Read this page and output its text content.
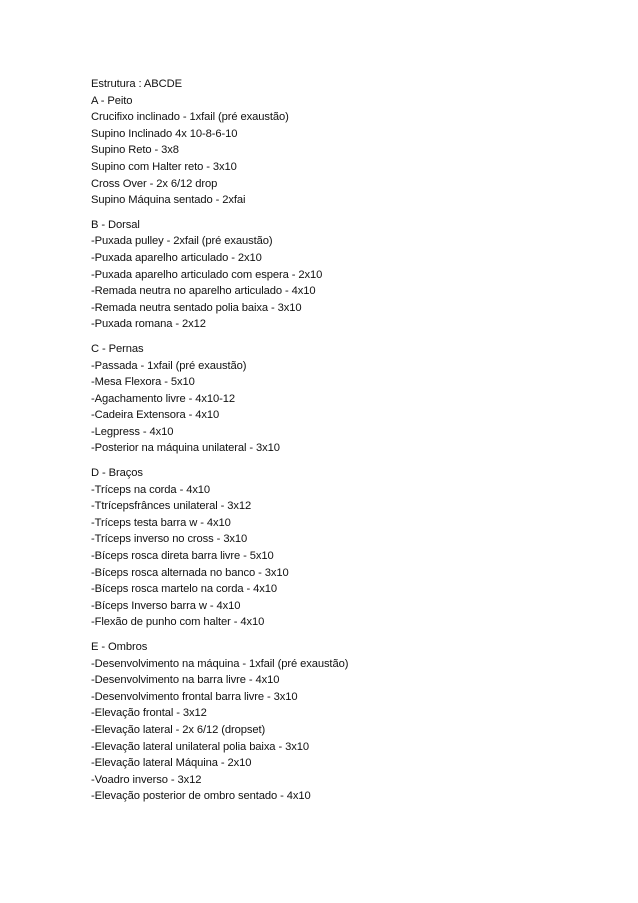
Estrutura : ABCDE
A - Peito
Crucifixo inclinado - 1xfail (pré exaustão)
Supino Inclinado 4x 10-8-6-10
Supino Reto - 3x8
Supino com Halter reto - 3x10
Cross Over - 2x 6/12 drop
Supino Máquina sentado - 2xfai
B - Dorsal
-Puxada pulley - 2xfail (pré exaustão)
-Puxada aparelho articulado - 2x10
-Puxada aparelho articulado com espera - 2x10
-Remada neutra no aparelho articulado - 4x10
-Remada neutra sentado polia baixa - 3x10
-Puxada romana - 2x12
C - Pernas
-Passada - 1xfail (pré exaustão)
-Mesa Flexora - 5x10
-Agachamento livre - 4x10-12
-Cadeira Extensora - 4x10
-Legpress - 4x10
-Posterior na máquina unilateral - 3x10
D - Braços
-Tríceps na corda - 4x10
-Ttrícepsfrânces unilateral - 3x12
-Tríceps testa barra w - 4x10
-Tríceps inverso no cross - 3x10
-Bíceps rosca direta barra livre - 5x10
-Bíceps rosca alternada no banco - 3x10
-Bíceps rosca martelo na corda - 4x10
-Bíceps Inverso barra w - 4x10
-Flexão de punho com halter - 4x10
E - Ombros
-Desenvolvimento na máquina - 1xfail (pré exaustão)
-Desenvolvimento na barra livre - 4x10
-Desenvolvimento frontal barra livre - 3x10
-Elevação frontal - 3x12
-Elevação lateral - 2x 6/12 (dropset)
-Elevação lateral unilateral polia baixa - 3x10
-Elevação lateral Máquina - 2x10
-Voadro inverso - 3x12
-Elevação posterior de ombro sentado - 4x10
